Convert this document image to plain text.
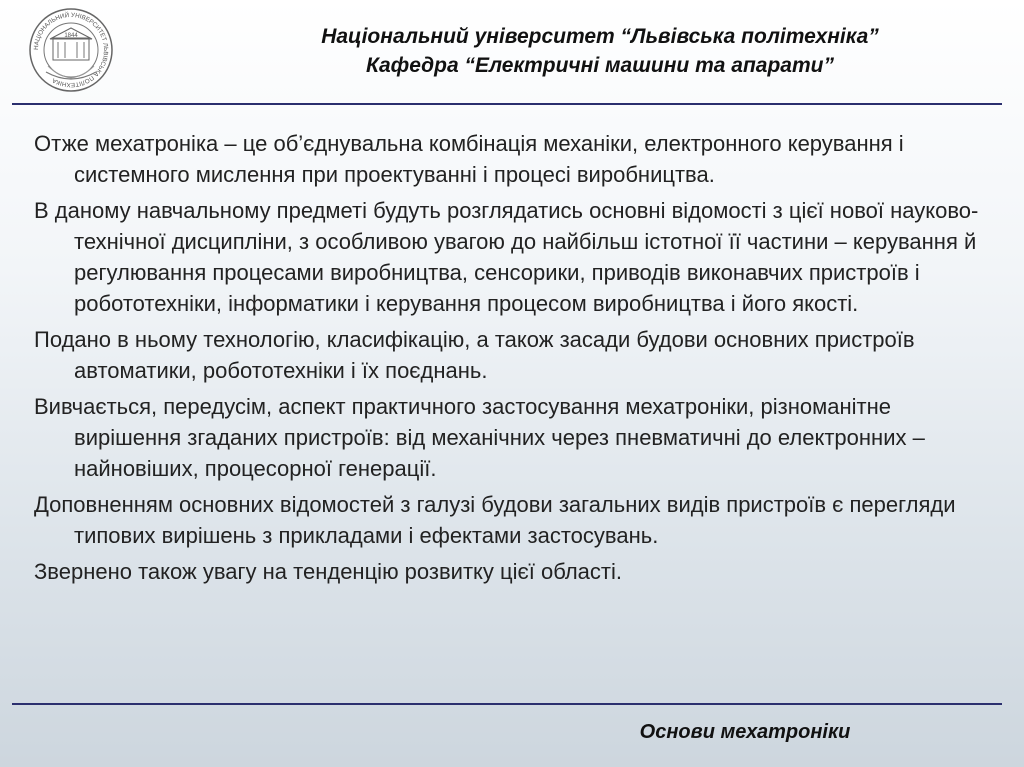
НАЦІОНАЛЬНИЙ УНІВЕРСИТЕТ ЛЬВІВСЬКА ПОЛІТЕХНІКА
1844	Національний університет “Львівська політехніка”
Кафедра “Електричні машини та апарати”

Отже мехатроніка – це об’єднувальна комбінація механіки, електронного керування і системного мислення при проектуванні і процесі виробництва.

В даному навчальному предметі будуть розглядатись основні відомості з цієї нової науково-технічної дисципліни, з особливою увагою до найбільш істотної її частини – керування й регулювання процесами виробництва, сенсорики, приводів виконавчих пристроїв і робототехніки, інформатики і керування процесом виробництва і його якості.

Подано в ньому технологію, класифікацію, а також засади будови основних пристроїв автоматики, робототехніки і їх поєднань.

Вивчається, передусім, аспект практичного застосування мехатроніки, різноманітне вирішення згаданих пристроїв: від механічних через пневматичні до електронних – найновіших, процесорної генерації.

Доповненням основних відомостей з галузі будови загальних видів пристроїв є перегляди типових вирішень з прикладами і ефектами застосувань.

Звернено також увагу на тенденцію розвитку цієї області.

Основи мехатроніки
